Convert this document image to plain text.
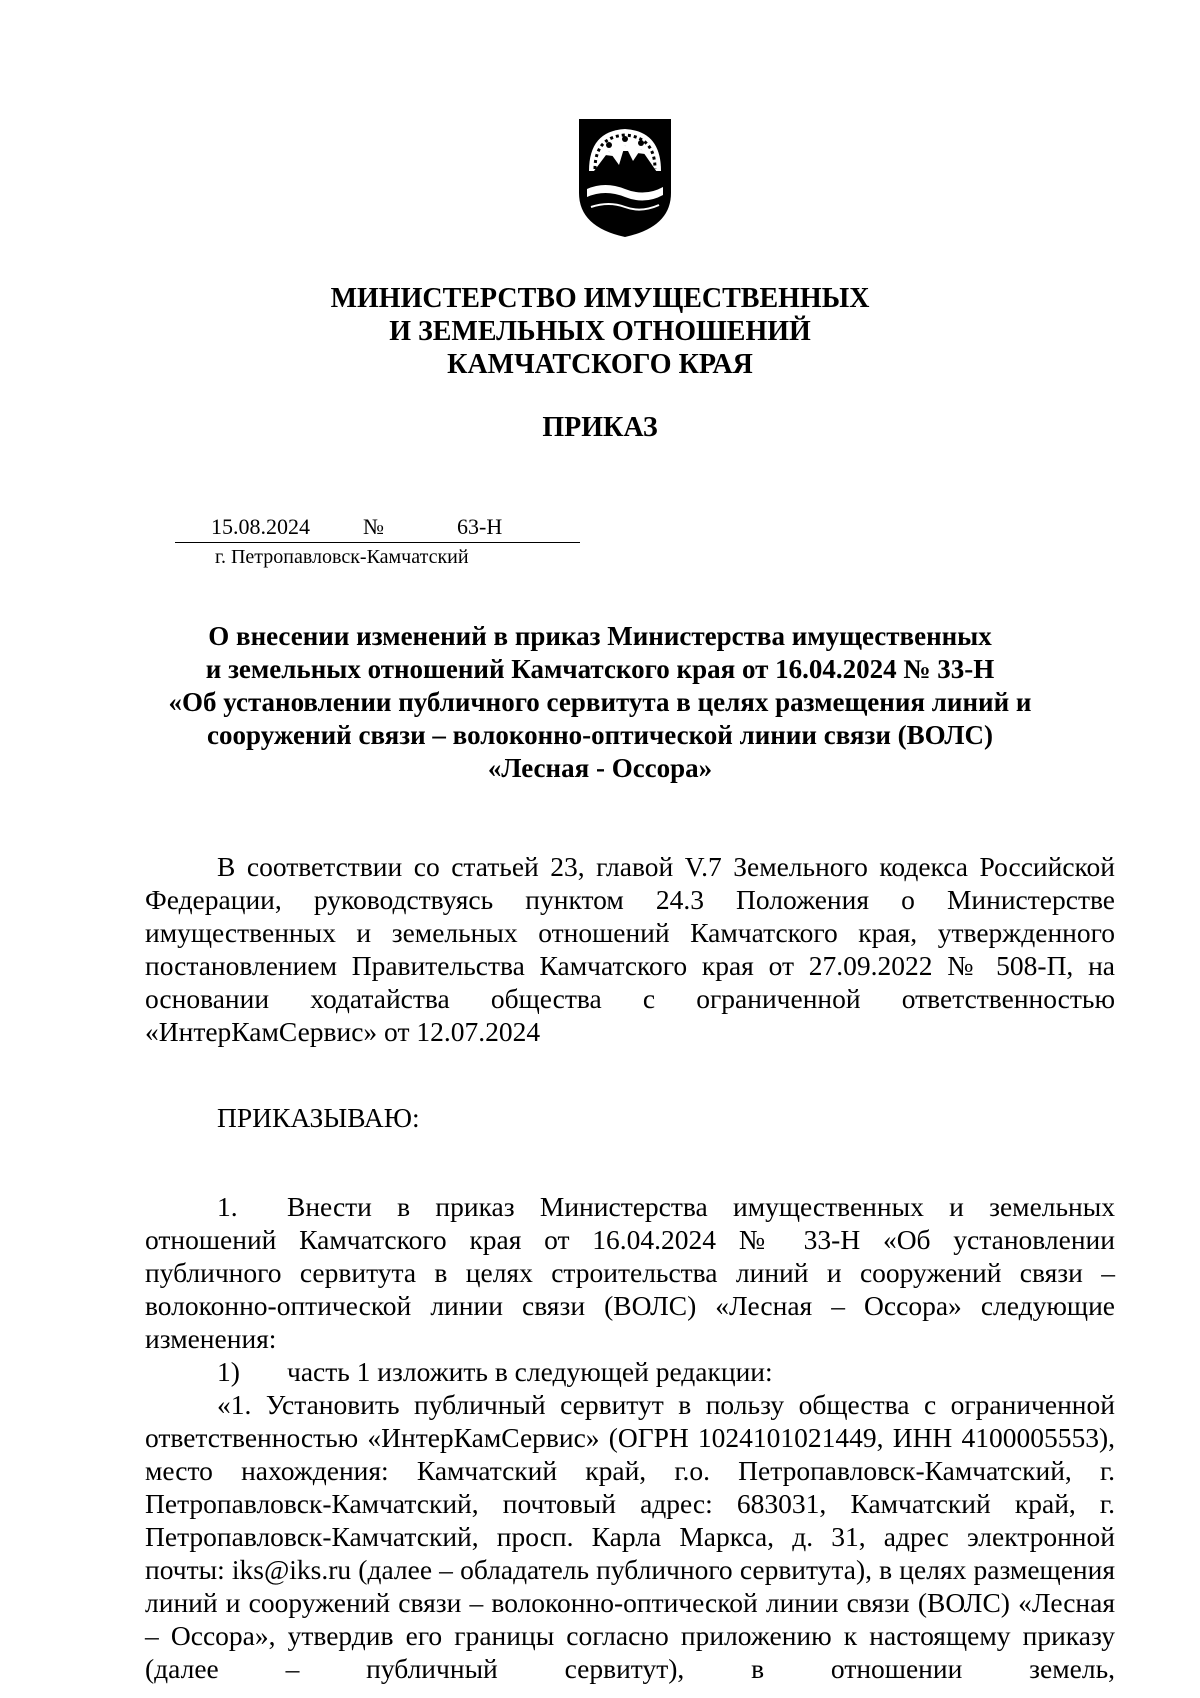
МИНИСТЕРСТВО ИМУЩЕСТВЕННЫХ
И ЗЕМЕЛЬНЫХ ОТНОШЕНИЙ
КАМЧАТСКОГО КРАЯ
ПРИКАЗ
15.08.2024 №	63-Н
г. Петропавловск-Камчатский
О внесении изменений в приказ Министерства имущественных
и земельных отношений Камчатского края от 16.04.2024 № 33-Н
«Об установлении публичного сервитута в целях размещения линий и
сооружений связи – волоконно-оптической линии связи (ВОЛС)
«Лесная - Оссора»

В соответствии со статьей 23, главой V.7 Земельного кодекса Российской Федерации, руководствуясь пунктом 24.3 Положения о Министерстве имущественных и земельных отношений Камчатского края, утвержденного постановлением Правительства Камчатского края от 27.09.2022 № 508-П, на основании ходатайства общества с ограниченной ответственностью «ИнтерКамСервис» от 12.07.2024

ПРИКАЗЫВАЮ:

1. Внести в приказ Министерства имущественных и земельных отношений Камчатского края от 16.04.2024 № 33-Н «Об установлении публичного сервитута в целях строительства линий и сооружений связи – волоконно-оптической линии связи (ВОЛС) «Лесная – Оссора» следующие изменения:

1) часть 1 изложить в следующей редакции:

«1. Установить публичный сервитут в пользу общества с ограниченной ответственностью «ИнтерКамСервис» (ОГРН 1024101021449, ИНН 4100005553), место нахождения: Камчатский край, г.о. Петропавловск-Камчатский, г. Петропавловск-Камчатский, почтовый адрес: 683031, Камчатский край, г. Петропавловск-Камчатский, просп. Карла Маркса, д. 31, адрес электронной почты: iks@iks.ru (далее – обладатель публичного сервитута), в целях размещения линий и сооружений связи – волоконно-оптической линии связи (ВОЛС) «Лесная – Оссора», утвердив его границы согласно приложению к настоящему приказу (далее – публичный сервитут), в отношении земель,
